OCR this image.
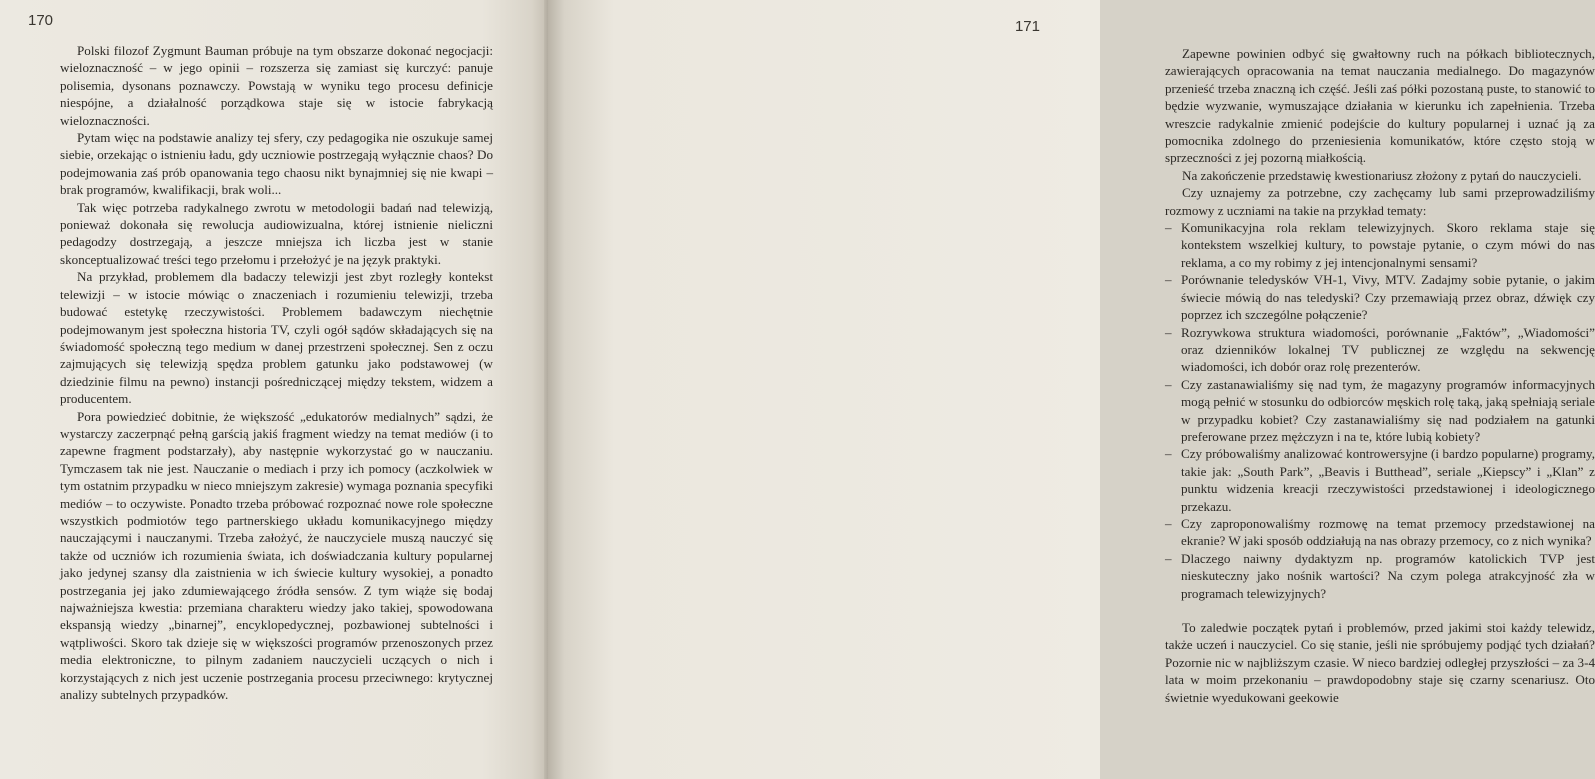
170

Polski filozof Zygmunt Bauman próbuje na tym obszarze dokonać negocjacji: wieloznaczność – w jego opinii – rozszerza się zamiast się kurczyć: panuje polisemia, dysonans poznawczy. Powstają w wyniku tego procesu definicje niespójne, a działalność porządkowa staje się w istocie fabrykacją wieloznaczności.

Pytam więc na podstawie analizy tej sfery, czy pedagogika nie oszukuje samej siebie, orzekając o istnieniu ładu, gdy uczniowie postrzegają wyłącznie chaos? Do podejmowania zaś prób opanowania tego chaosu nikt bynajmniej się nie kwapi – brak programów, kwalifikacji, brak woli...

Tak więc potrzeba radykalnego zwrotu w metodologii badań nad telewizją, ponieważ dokonała się rewolucja audiowizualna, której istnienie nieliczni pedagodzy dostrzegają, a jeszcze mniejsza ich liczba jest w stanie skonceptualizować treści tego przełomu i przełożyć je na język praktyki.

Na przykład, problemem dla badaczy telewizji jest zbyt rozległy kontekst telewizji – w istocie mówiąc o znaczeniach i rozumieniu telewizji, trzeba budować estetykę rzeczywistości. Problemem badawczym niechętnie podejmowanym jest społeczna historia TV, czyli ogół sądów składających się na świadomość społeczną tego medium w danej przestrzeni społecznej. Sen z oczu zajmujących się telewizją spędza problem gatunku jako podstawowej (w dziedzinie filmu na pewno) instancji pośredniczącej między tekstem, widzem a producentem.

Pora powiedzieć dobitnie, że większość „edukatorów medialnych” sądzi, że wystarczy zaczerpnąć pełną garścią jakiś fragment wiedzy na temat mediów (i to zapewne fragment podstarzały), aby następnie wykorzystać go w nauczaniu. Tymczasem tak nie jest. Nauczanie o mediach i przy ich pomocy (aczkolwiek w tym ostatnim przypadku w nieco mniejszym zakresie) wymaga poznania specyfiki mediów – to oczywiste. Ponadto trzeba próbować rozpoznać nowe role społeczne wszystkich podmiotów tego partnerskiego układu komunikacyjnego między nauczającymi i nauczanymi. Trzeba założyć, że nauczyciele muszą nauczyć się także od uczniów ich rozumienia świata, ich doświadczania kultury popularnej jako jedynej szansy dla zaistnienia w ich świecie kultury wysokiej, a ponadto postrzegania jej jako zdumiewającego źródła sensów. Z tym wiąże się bodaj najważniejsza kwestia: przemiana charakteru wiedzy jako takiej, spowodowana ekspansją wiedzy „binarnej”, encyklopedycznej, pozbawionej subtelności i wątpliwości. Skoro tak dzieje się w większości programów przenoszonych przez media elektroniczne, to pilnym zadaniem nauczycieli uczących o nich i korzystających z nich jest uczenie postrzegania procesu przeciwnego: krytycznej analizy subtelnych przypadków.

171

Zapewne powinien odbyć się gwałtowny ruch na półkach bibliotecznych, zawierających opracowania na temat nauczania medialnego. Do magazynów przenieść trzeba znaczną ich część. Jeśli zaś półki pozostaną puste, to stanowić to będzie wyzwanie, wymuszające działania w kierunku ich zapełnienia. Trzeba wreszcie radykalnie zmienić podejście do kultury popularnej i uznać ją za pomocnika zdolnego do przeniesienia komunikatów, które często stoją w sprzeczności z jej pozorną miałkością.

Na zakończenie przedstawię kwestionariusz złożony z pytań do nauczycieli.

Czy uznajemy za potrzebne, czy zachęcamy lub sami przeprowadziliśmy rozmowy z uczniami na takie na przykład tematy:

– Komunikacyjna rola reklam telewizyjnych. Skoro reklama staje się kontekstem wszelkiej kultury, to powstaje pytanie, o czym mówi do nas reklama, a co my robimy z jej intencjonalnymi sensami?
– Porównanie teledysków VH-1, Vivy, MTV. Zadajmy sobie pytanie, o jakim świecie mówią do nas teledyski? Czy przemawiają przez obraz, dźwięk czy poprzez ich szczególne połączenie?
– Rozrywkowa struktura wiadomości, porównanie „Faktów”, „Wiadomości” oraz dzienników lokalnej TV publicznej ze względu na sekwencję wiadomości, ich dobór oraz rolę prezenterów.
– Czy zastanawialiśmy się nad tym, że magazyny programów informacyjnych mogą pełnić w stosunku do odbiorców męskich rolę taką, jaką spełniają seriale w przypadku kobiet? Czy zastanawialiśmy się nad podziałem na gatunki preferowane przez mężczyzn i na te, które lubią kobiety?
– Czy próbowaliśmy analizować kontrowersyjne (i bardzo popularne) programy, takie jak: „South Park”, „Beavis i Butthead”, seriale „Kiepscy” i „Klan” z punktu widzenia kreacji rzeczywistości przedstawionej i ideologicznego przekazu.
– Czy zaproponowaliśmy rozmowę na temat przemocy przedstawionej na ekranie? W jaki sposób oddziałują na nas obrazy przemocy, co z nich wynika?
– Dlaczego naiwny dydaktyzm np. programów katolickich TVP jest nieskuteczny jako nośnik wartości? Na czym polega atrakcyjność zła w programach telewizyjnych?

To zaledwie początek pytań i problemów, przed jakimi stoi każdy telewidz, także uczeń i nauczyciel. Co się stanie, jeśli nie spróbujemy podjąć tych działań? Pozornie nic w najbliższym czasie. W nieco bardziej odległej przyszłości – za 3-4 lata w moim przekonaniu – prawdopodobny staje się czarny scenariusz. Oto świetnie wyedukowani geekowie
